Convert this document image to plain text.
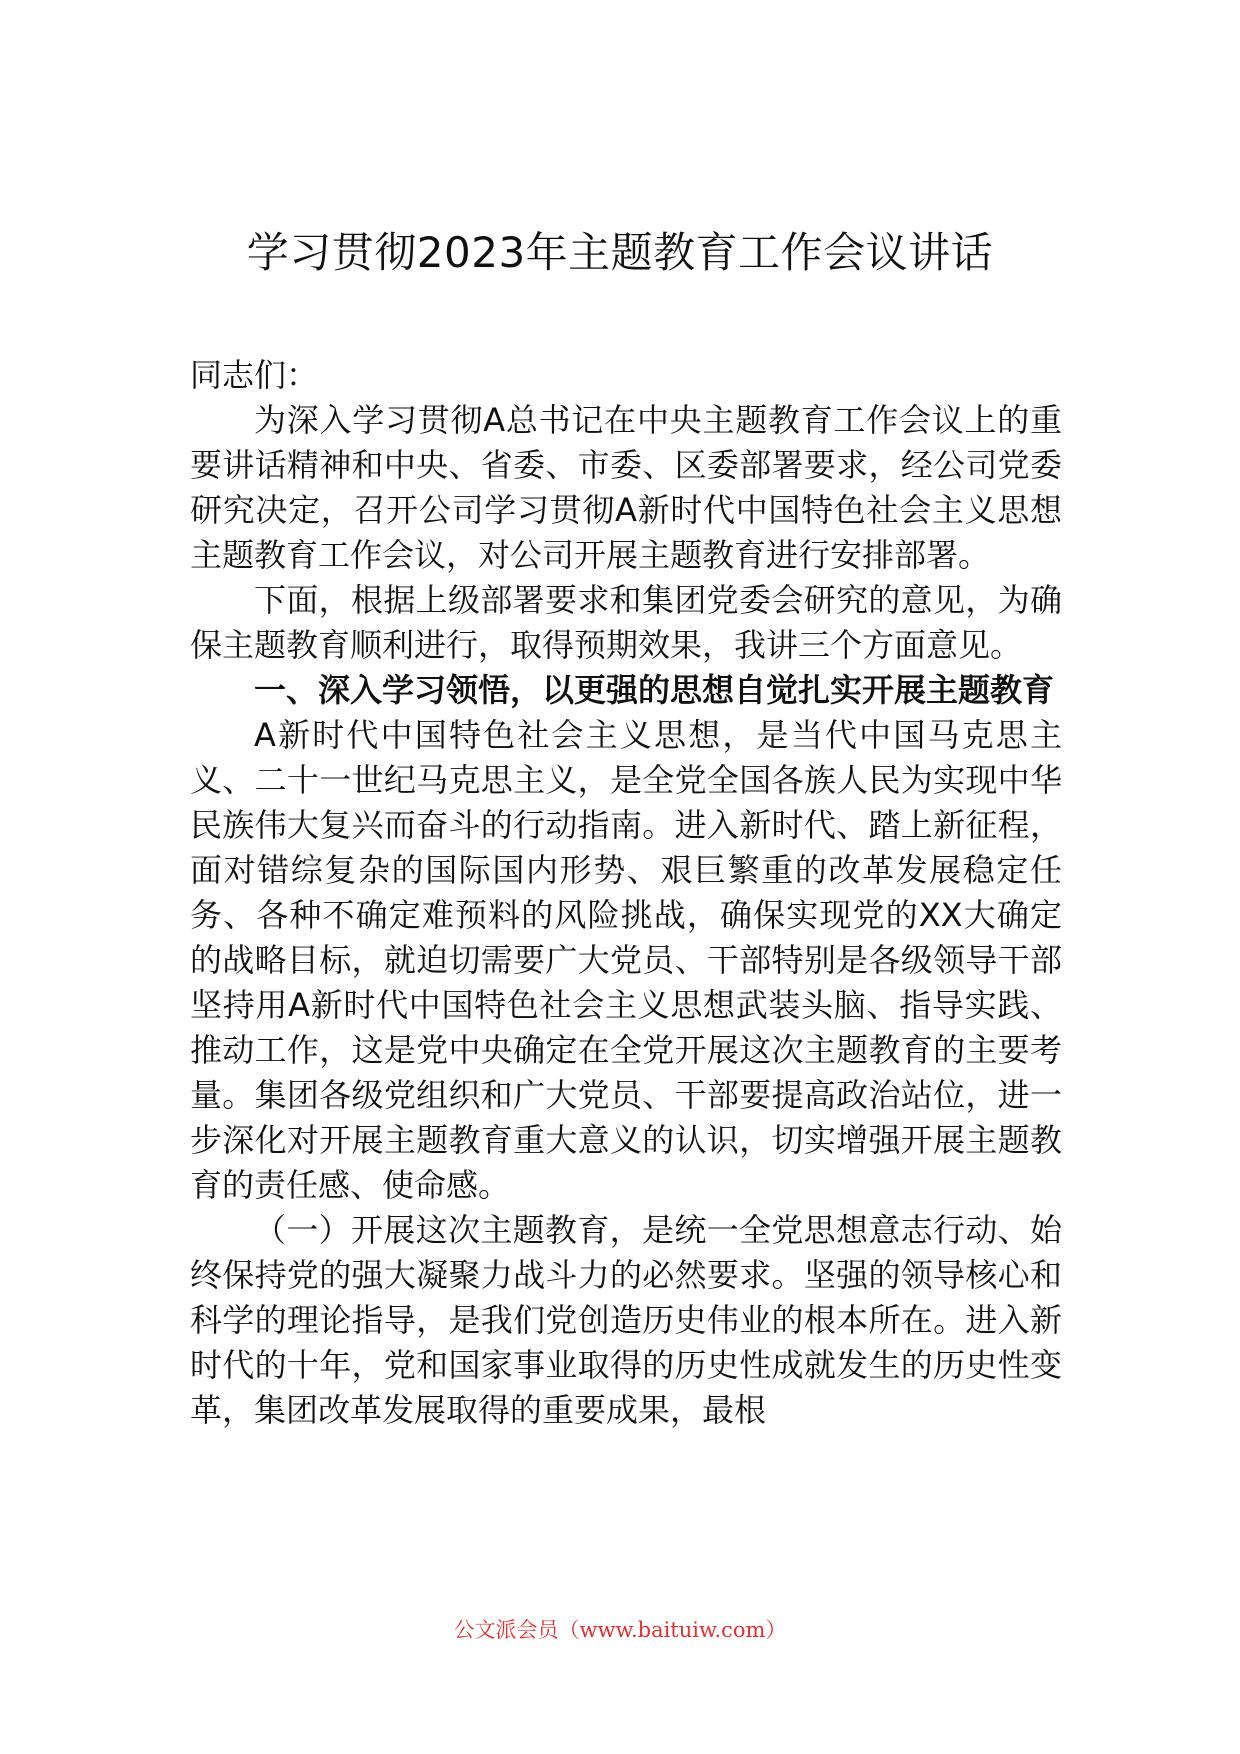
学习贯彻2023年主题教育工作会议讲话

同志们：

为深入学习贯彻A总书记在中央主题教育工作会议上的重要讲话精神和中央、省委、市委、区委部署要求，经公司党委研究决定，召开公司学习贯彻A新时代中国特色社会主义思想主题教育工作会议，对公司开展主题教育进行安排部署。

下面，根据上级部署要求和集团党委会研究的意见，为确保主题教育顺利进行，取得预期效果，我讲三个方面意见。

一、深入学习领悟，以更强的思想自觉扎实开展主题教育

A新时代中国特色社会主义思想，是当代中国马克思主义、二十一世纪马克思主义，是全党全国各族人民为实现中华民族伟大复兴而奋斗的行动指南。进入新时代、踏上新征程，面对错综复杂的国际国内形势、艰巨繁重的改革发展稳定任务、各种不确定难预料的风险挑战，确保实现党的XX大确定的战略目标，就迫切需要广大党员、干部特别是各级领导干部坚持用A新时代中国特色社会主义思想武装头脑、指导实践、推动工作，这是党中央确定在全党开展这次主题教育的主要考量。集团各级党组织和广大党员、干部要提高政治站位，进一步深化对开展主题教育重大意义的认识，切实增强开展主题教育的责任感、使命感。

（一）开展这次主题教育，是统一全党思想意志行动、始终保持党的强大凝聚力战斗力的必然要求。坚强的领导核心和科学的理论指导，是我们党创造历史伟业的根本所在。进入新时代的十年，党和国家事业取得的历史性成就发生的历史性变革，集团改革发展取得的重要成果，最根

公文派会员（www.baituiw.com）
